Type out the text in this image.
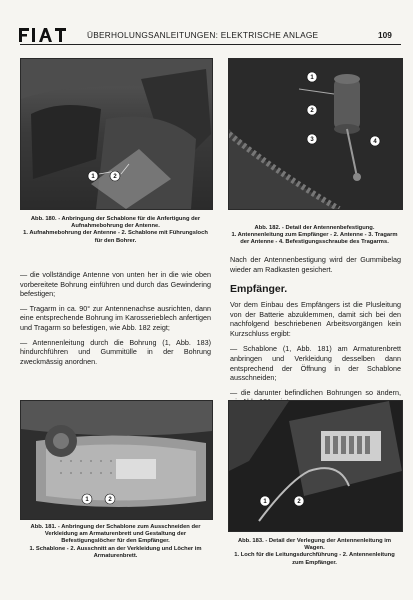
ÜBERHOLUNGSANLEITUNGEN: ELEKTRISCHE ANLAGE	109
1	2
Abb. 180. - Anbringung der Schablone für die Anfertigung der Aufnahmebohrung der Antenne.
1. Aufnahmebohrung der Antenne - 2. Schablone mit Führungsloch für den Bohrer.
1
2
3	4
Abb. 182. - Detail der Antennenbefestigung.
1. Antennenleitung zum Empfänger - 2. Antenne - 3. Tragarm der Antenne - 4. Befestigungsschraube des Tragarms.
— die vollständige Antenne von unten her in die wie oben vorbereitete Bohrung einführen und durch das Gewindering befestigen;
— Tragarm in ca. 90° zur Antennenachse ausrichten, dann eine entsprechende Bohrung im Karosserieblech anfertigen und Tragarm so befestigen, wie Abb. 182 zeigt;
— Antennenleitung durch die Bohrung (1, Abb. 183) hindurchführen und Gummitülle in der Bohrung zweckmässig anordnen.

Nach der Antennenbestigung wird der Gummibelag wieder am Radkasten gesichert.

Empfänger.

Vor dem Einbau des Empfängers ist die Plusleitung von der Batterie abzuklemmen, damit sich bei den nachfolgend beschriebenen Arbeitsvorgängen kein Kurzschluss ergibt:

— Schablone (1, Abb. 181) am Armaturenbrett anbringen und Verkleidung desselben dann entsprechend der Öffnung in der Schablone ausschneiden;
— die darunter befindlichen Bohrungen so ändern,
1	2
Abb. 181. - Anbringung der Schablone zum Ausschneiden der Verkleidung am Armaturenbrett und Gestaltung der Befestigungslöcher für den Empfänger.
1. Schablone - 2. Ausschnitt an der Verkleidung und Löcher im Armaturenbrett.
1	2
Abb. 183. - Detail der Verlegung der Antennenleitung im Wagen.
1. Loch für die Leitungsdurchführung - 2. Antennenleitung zum Empfänger.
